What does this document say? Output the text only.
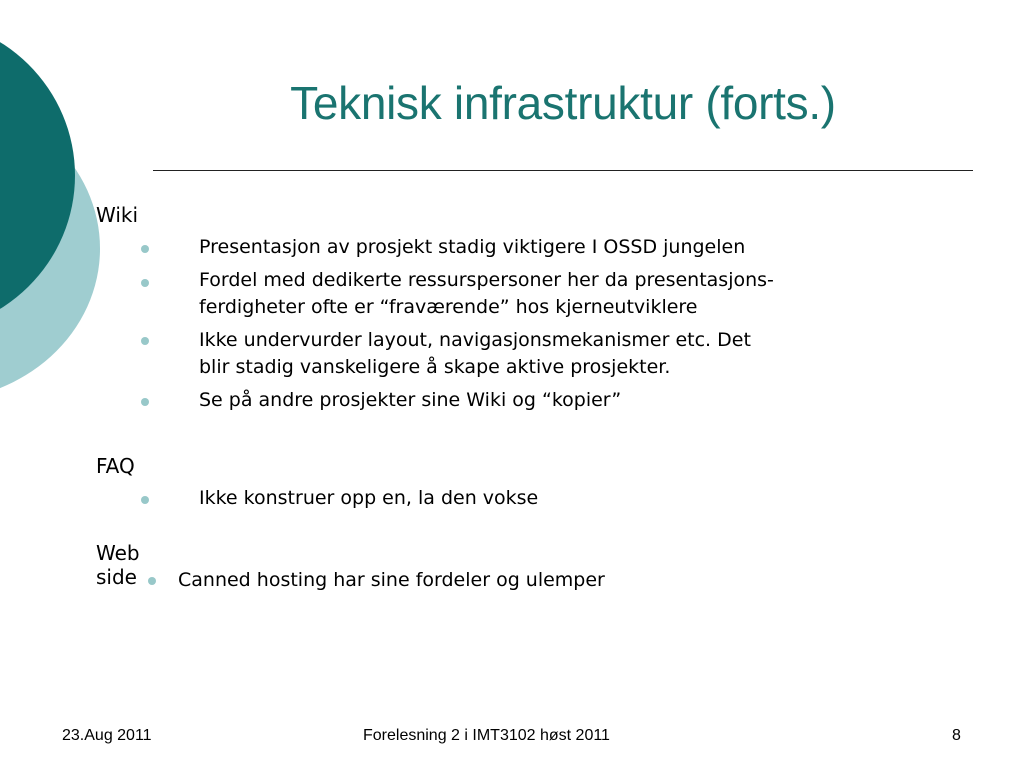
Teknisk infrastruktur (forts.)
Wiki
Presentasjon av prosjekt stadig viktigere I OSSD jungelen
Fordel med dedikerte ressurspersoner her da presentasjons-
ferdigheter ofte er “fraværende” hos kjerneutviklere
Ikke undervurder layout, navigasjonsmekanismer etc. Det
blir stadig vanskeligere å skape aktive prosjekter.
Se på andre prosjekter sine Wiki og “kopier”
FAQ
Ikke konstruer opp en, la den vokse
Web side Canned hosting har sine fordeler og ulemper
23.Aug 2011	Forelesning 2 i IMT3102 høst 2011	8
